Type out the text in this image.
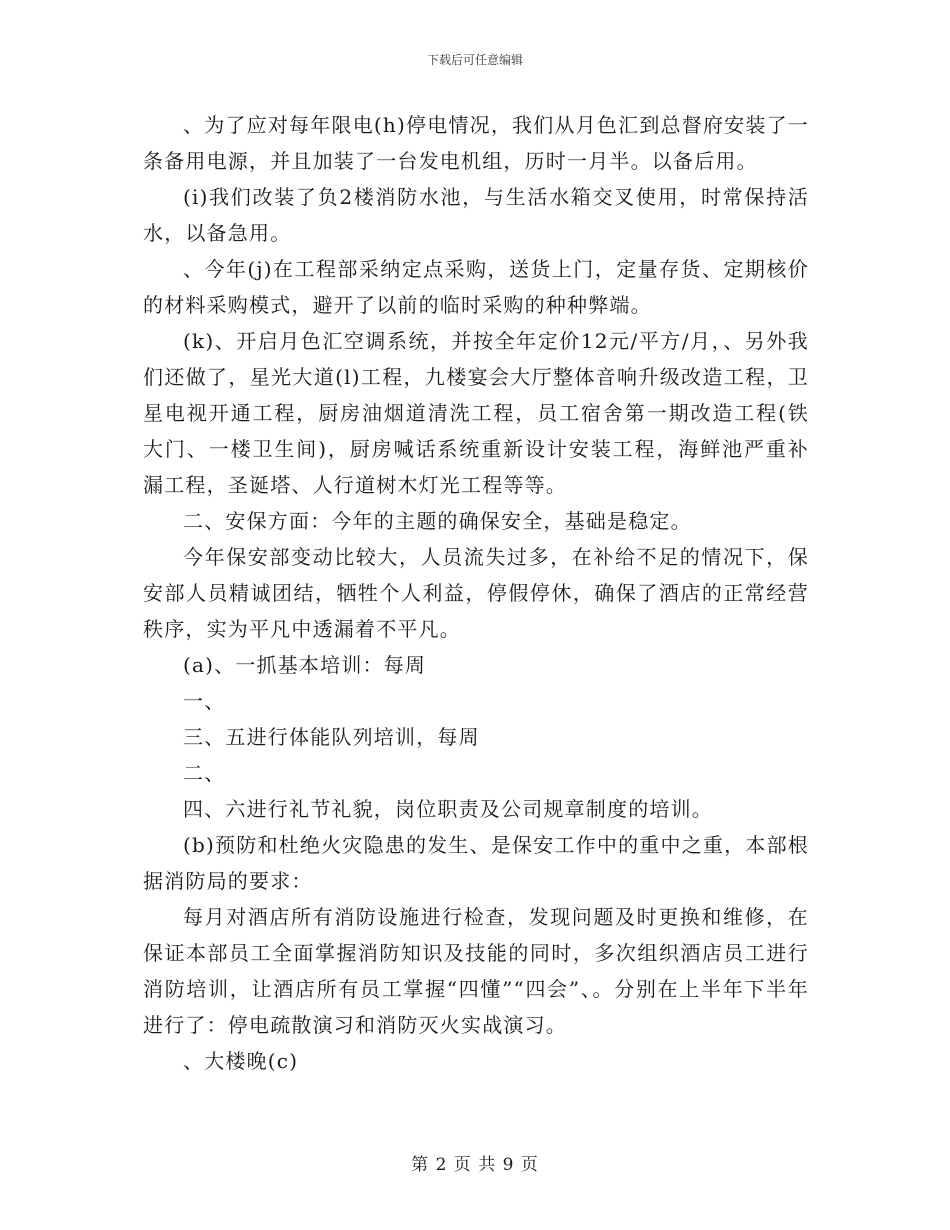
下载后可任意编辑

、为了应对每年限电(h)停电情况，我们从月色汇到总督府安装了一条备用电源，并且加装了一台发电机组，历时一月半。以备后用。

(i)我们改装了负2楼消防水池，与生活水箱交叉使用，时常保持活水，以备急用。

、今年(j)在工程部采纳定点采购，送货上门，定量存货、定期核价的材料采购模式，避开了以前的临时采购的种种弊端。

(k)、开启月色汇空调系统，并按全年定价12元/平方/月，、另外我们还做了，星光大道(l)工程，九楼宴会大厅整体音响升级改造工程，卫星电视开通工程，厨房油烟道清洗工程，员工宿舍第一期改造工程(铁大门、一楼卫生间)，厨房喊话系统重新设计安装工程，海鲜池严重补漏工程，圣诞塔、人行道树木灯光工程等等。

二、安保方面：今年的主题的确保安全，基础是稳定。

今年保安部变动比较大，人员流失过多，在补给不足的情况下，保安部人员精诚团结，牺牲个人利益，停假停休，确保了酒店的正常经营秩序，实为平凡中透漏着不平凡。

(a)、一抓基本培训：每周

一、

三、五进行体能队列培训，每周

二、

四、六进行礼节礼貌，岗位职责及公司规章制度的培训。

(b)预防和杜绝火灾隐患的发生、是保安工作中的重中之重，本部根据消防局的要求：

每月对酒店所有消防设施进行检查，发现问题及时更换和维修，在保证本部员工全面掌握消防知识及技能的同时，多次组织酒店员工进行消防培训，让酒店所有员工掌握“四懂”“四会”、。分别在上半年下半年进行了：停电疏散演习和消防灭火实战演习。

、大楼晚(c)

第 2 页 共 9 页
